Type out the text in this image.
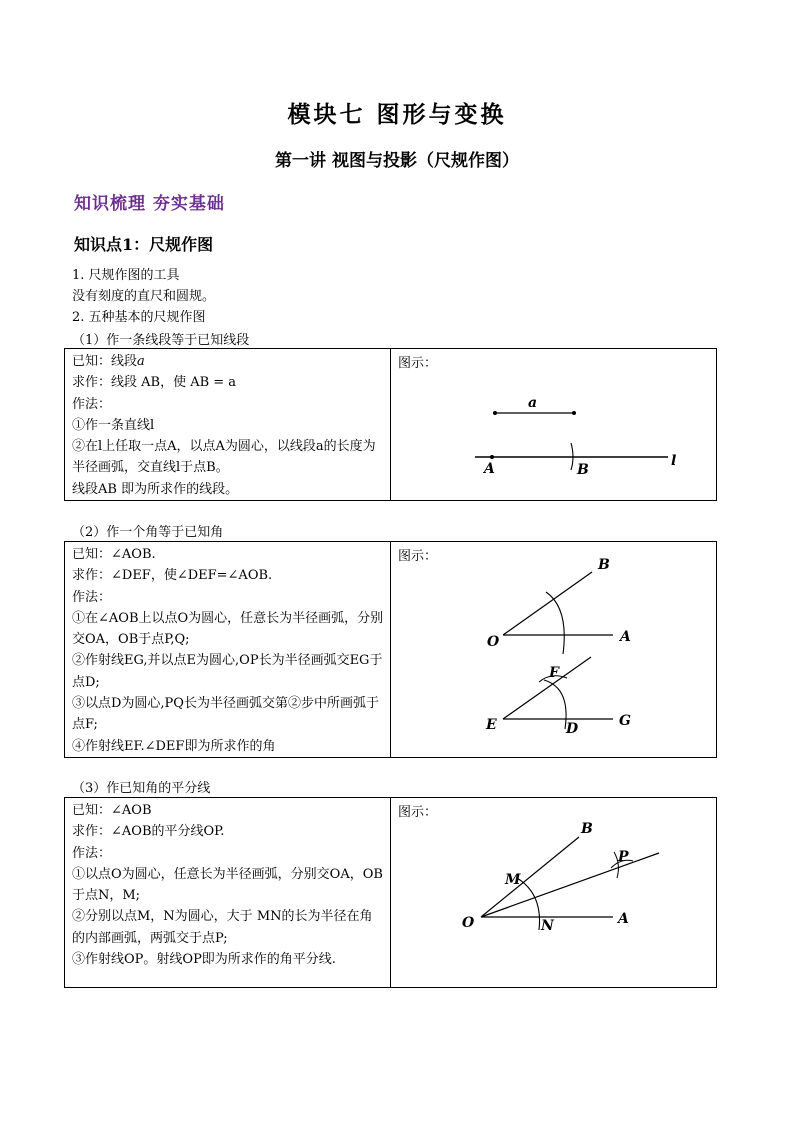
模块七 图形与变换
第一讲 视图与投影（尺规作图）
知识梳理 夯实基础
知识点1：尺规作图
1. 尺规作图的工具
没有刻度的直尺和圆规。
2. 五种基本的尺规作图
（1）作一条线段等于已知线段
已知：线段a
求作：线段 AB，使 AB = a
作法：
①作一条直线l
②在l上任取一点A，以点A为圆心，以线段a的长度为半径画弧，交直线l于点B。
线段AB 即为所求作的线段。

图示：
a
A	B
l
（2）作一个角等于已知角
已知：∠AOB.
求作：∠DEF，使∠DEF=∠AOB.
作法：
①在∠AOB上以点O为圆心，任意长为半径画弧，分别交OA，OB于点P,Q;
②作射线EG,并以点E为圆心,OP长为半径画弧交EG于点D;
③以点D为圆心,PQ长为半径画弧交第②步中所画弧于点F;
④作射线EF.∠DEF即为所求作的角

图示：
B
O	A
F
E	D	G
（3）作已知角的平分线
已知：∠AOB
求作：∠AOB的平分线OP.
作法：
①以点O为圆心，任意长为半径画弧，分别交OA，OB于点N，M;
②分别以点M，N为圆心，大于 MN的长为半径在角的内部画弧，两弧交于点P;
③作射线OP。射线OP即为所求作的角平分线.

图示：
B
P
M
O	N	A
